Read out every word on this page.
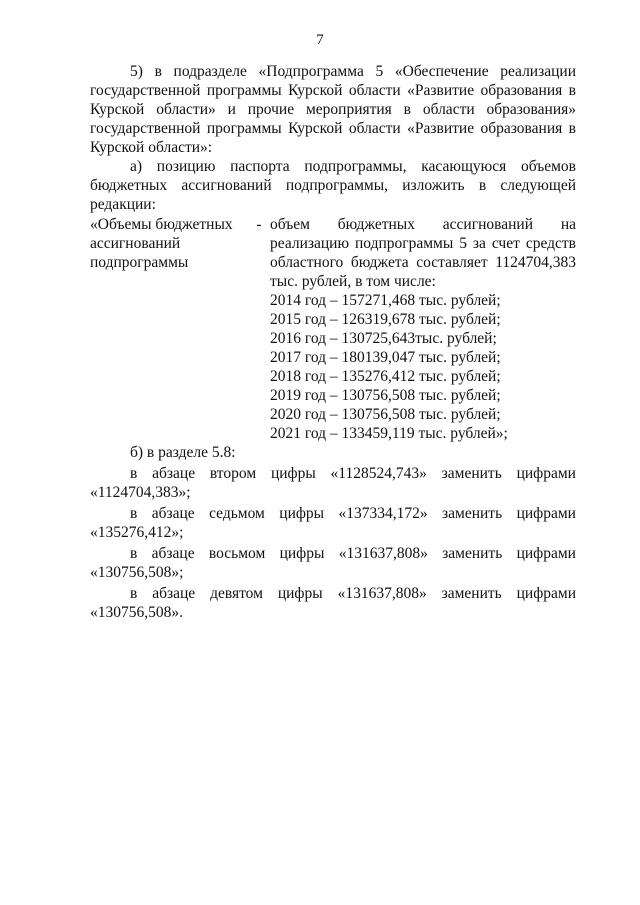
7

5) в подразделе «Подпрограмма 5 «Обеспечение реализации государственной программы Курской области «Развитие образования в Курской области» и прочие мероприятия в области образования» государственной программы Курской области «Развитие образования в Курской области»:

а) позицию паспорта подпрограммы, касающуюся объемов бюджетных ассигнований подпрограммы, изложить в следующей редакции:

«Объемы бюджетных ассигнований подпрограммы
- объем бюджетных ассигнований на реализацию подпрограммы 5 за счет средств областного бюджета составляет 1124704,383 тыс. рублей, в том числе:

2014 год – 157271,468 тыс. рублей;
2015 год – 126319,678 тыс. рублей;
2016 год – 130725,643тыс. рублей;
2017 год – 180139,047 тыс. рублей;
2018 год – 135276,412 тыс. рублей;
2019 год – 130756,508 тыс. рублей;
2020 год – 130756,508 тыс. рублей;
2021 год – 133459,119 тыс. рублей»;

б) в разделе 5.8:

в абзаце втором цифры «1128524,743» заменить цифрами

«1124704,383»;

в абзаце седьмом цифры «137334,172» заменить цифрами

«135276,412»;

в абзаце восьмом цифры «131637,808» заменить цифрами

«130756,508»;

в абзаце девятом цифры «131637,808» заменить цифрами

«130756,508».
